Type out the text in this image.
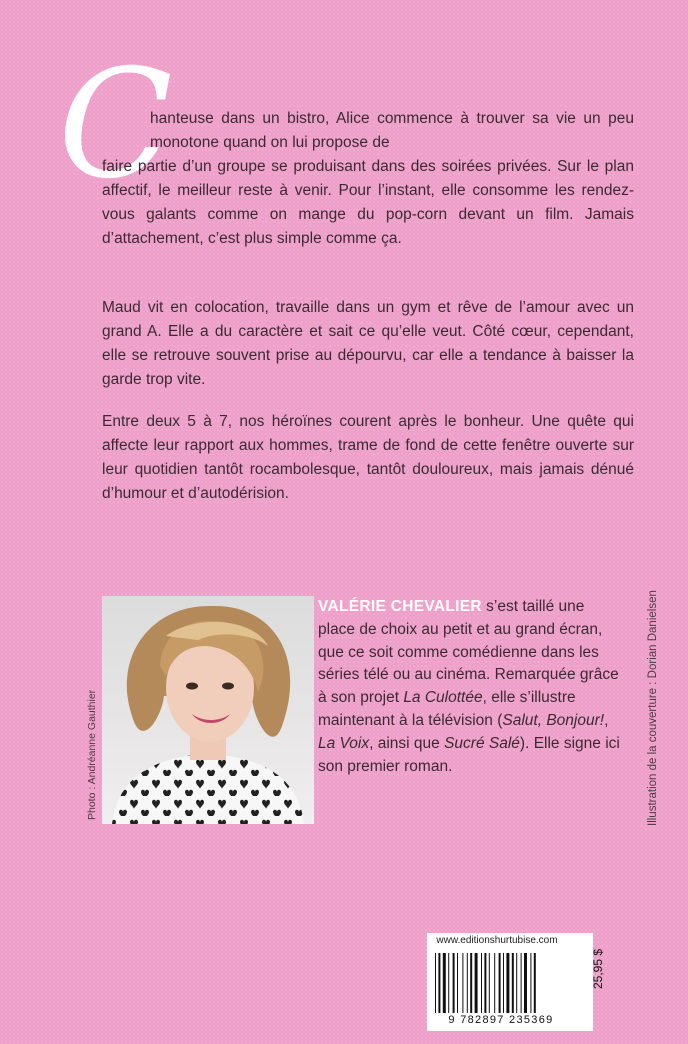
C

hanteuse dans un bistro, Alice commence à trouver sa vie un peu monotone quand on lui propose de
faire partie d’un groupe se produisant dans des soirées privées. Sur le plan affectif, le meilleur reste à venir. Pour l’instant, elle consomme les rendez-vous galants comme on mange du pop-corn devant un film. Jamais d’attachement, c’est plus simple comme ça.

Maud vit en colocation, travaille dans un gym et rêve de l’amour avec un grand A. Elle a du caractère et sait ce qu’elle veut. Côté cœur, cependant, elle se retrouve souvent prise au dépourvu, car elle a tendance à baisser la garde trop vite.

Entre deux 5 à 7, nos héroïnes courent après le bonheur. Une quête qui affecte leur rapport aux hommes, trame de fond de cette fenêtre ouverte sur leur quotidien tantôt rocambolesque, tantôt douloureux, mais jamais dénué d’humour et d’autodérision.

Photo : Andréanne Gauthier

VALÉRIE CHEVALIER s’est taillé une place de choix au petit et au grand écran, que ce soit comme comédienne dans les séries télé ou au cinéma. Remarquée grâce à son projet La Culottée, elle s’illustre maintenant à la télévision (Salut, Bonjour!, La Voix, ainsi que Sucré Salé). Elle signe ici son premier roman.	Illustration de la couverture : Dorian Danielsen
www.editionshurtubise.com
9 782897 235369
25,95 $
